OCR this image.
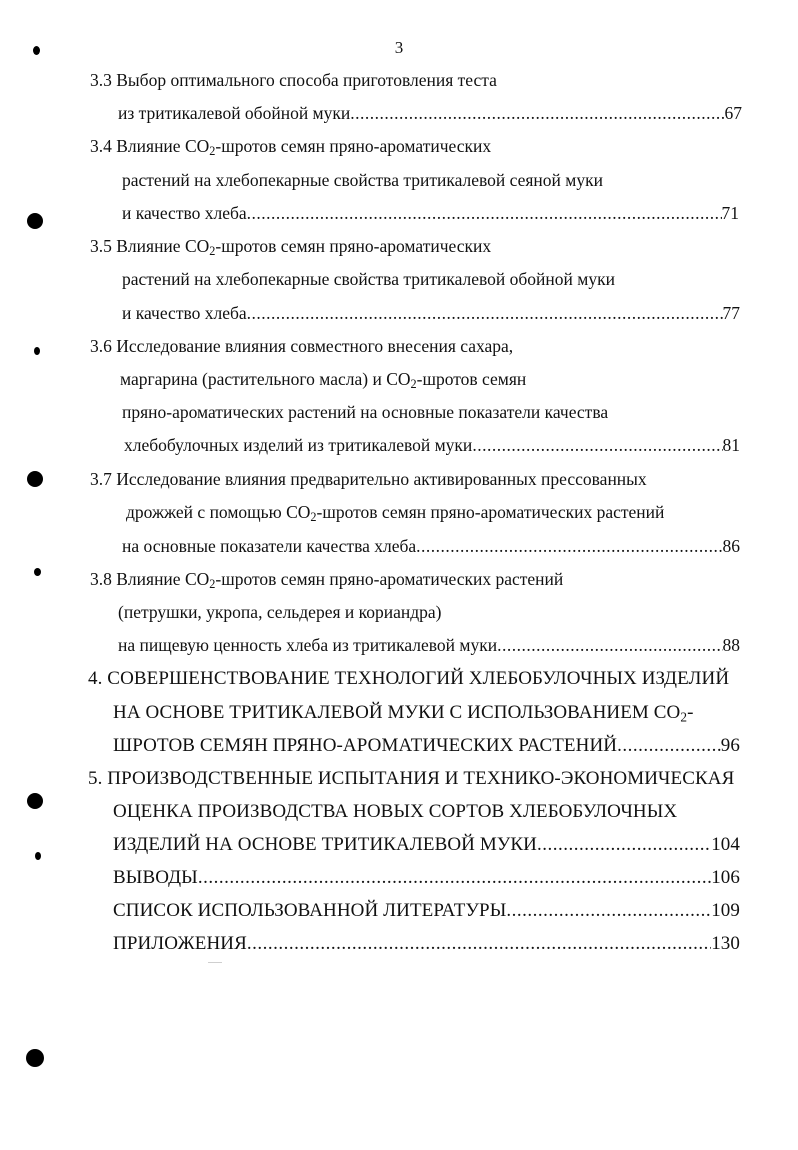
3
3.3 Выбор оптимального способа приготовления теста
из тритикалевой обойной муки .....	67
3.4 Влияние $CO_2$-шротов семян пряно-ароматических
растений на хлебопекарные свойства тритикалевой сеяной муки
и качество хлеба .....	71
3.5 Влияние $CO_2$-шротов семян пряно-ароматических
растений на хлебопекарные свойства тритикалевой обойной муки
и качество хлеба .....	77
3.6 Исследование влияния совместного внесения сахара,
маргарина (растительного масла) и $CO_2$-шротов семян
пряно-ароматических растений на основные показатели качества
хлебобулочных изделий из тритикалевой муки .....	81
3.7 Исследование влияния предварительно активированных прессованных
дрожжей с помощью $CO_2$-шротов семян пряно-ароматических растений
на основные показатели качества хлеба .....	86
3.8 Влияние $CO_2$-шротов семян пряно-ароматических растений
(петрушки, укропа, сельдерея и кориандра)
на пищевую ценность хлеба из тритикалевой муки .....	88
4. СОВЕРШЕНСТВОВАНИЕ ТЕХНОЛОГИЙ ХЛЕБОБУЛОЧНЫХ ИЗДЕЛИЙ
НА ОСНОВЕ ТРИТИКАЛЕВОЙ МУКИ С ИСПОЛЬЗОВАНИЕМ $CO_2-$
ШРОТОВ СЕМЯН ПРЯНО-АРОМАТИЧЕСКИХ РАСТЕНИЙ .....	96
5. ПРОИЗВОДСТВЕННЫЕ ИСПЫТАНИЯ И ТЕХНИКО-ЭКОНОМИЧЕСКАЯ
ОЦЕНКА ПРОИЗВОДСТВА НОВЫХ СОРТОВ ХЛЕБОБУЛОЧНЫХ
ИЗДЕЛИЙ НА ОСНОВЕ ТРИТИКАЛЕВОЙ МУКИ .....	104
ВЫВОДЫ .....	106
СПИСОК ИСПОЛЬЗОВАННОЙ ЛИТЕРАТУРЫ .....	109
ПРИЛОЖЕНИЯ .....	130
